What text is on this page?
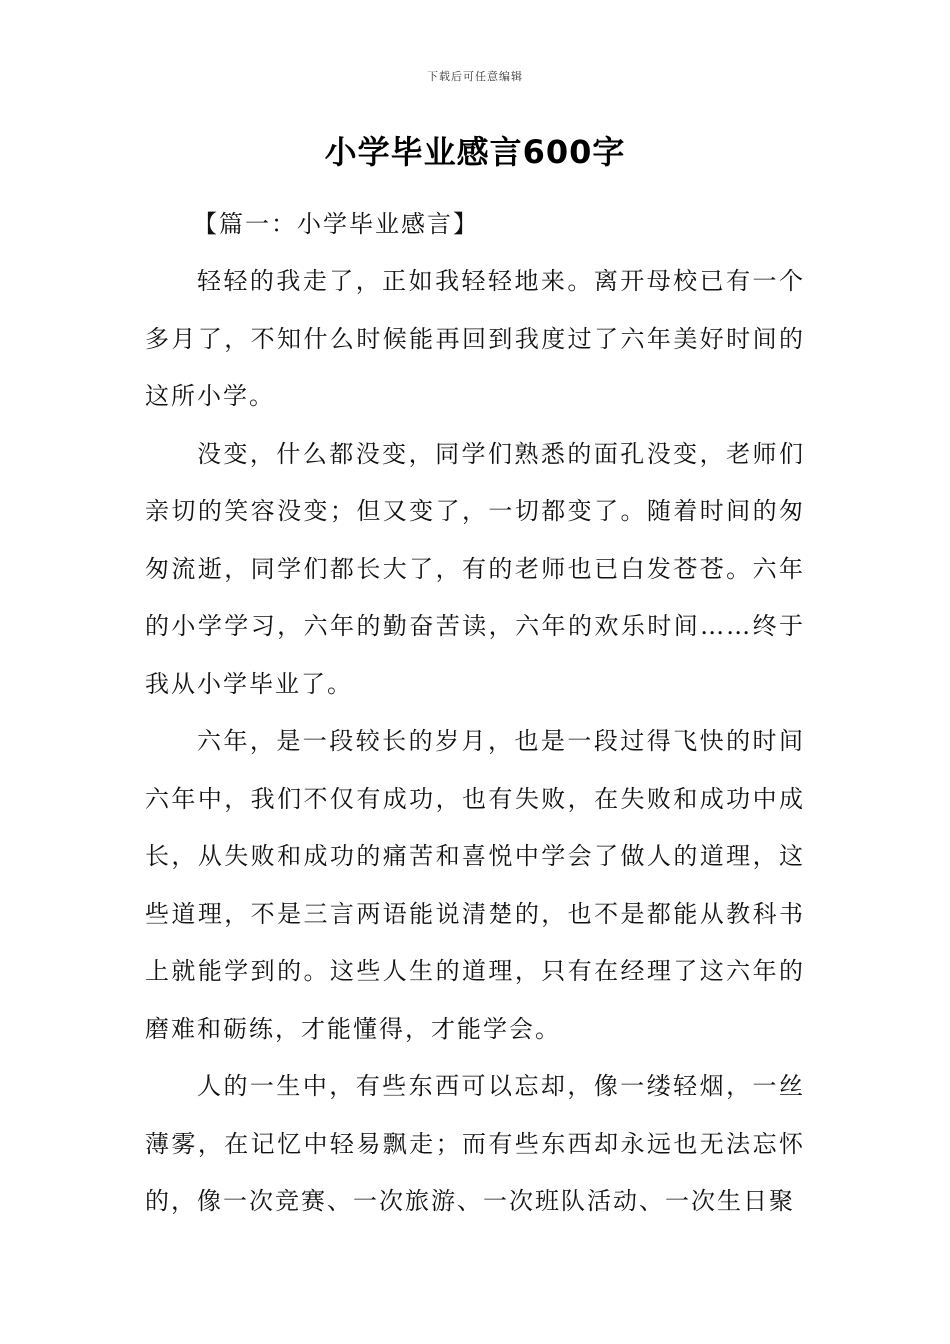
下载后可任意编辑
小学毕业感言600字

【篇一：小学毕业感言】

轻轻的我走了，正如我轻轻地来。离开母校已有一个多月了，不知什么时候能再回到我度过了六年美好时间的这所小学。

没变，什么都没变，同学们熟悉的面孔没变，老师们亲切的笑容没变；但又变了，一切都变了。随着时间的匆匆流逝，同学们都长大了，有的老师也已白发苍苍。六年的小学学习，六年的勤奋苦读，六年的欢乐时间……终于我从小学毕业了。

六年，是一段较长的岁月，也是一段过得飞快的时间六年中，我们不仅有成功，也有失败，在失败和成功中成长，从失败和成功的痛苦和喜悦中学会了做人的道理，这些道理，不是三言两语能说清楚的，也不是都能从教科书上就能学到的。这些人生的道理，只有在经理了这六年的磨难和砺练，才能懂得，才能学会。

人的一生中，有些东西可以忘却，像一缕轻烟，一丝薄雾，在记忆中轻易飘走；而有些东西却永远也无法忘怀的，像一次竞赛、一次旅游、一次班队活动、一次生日聚
